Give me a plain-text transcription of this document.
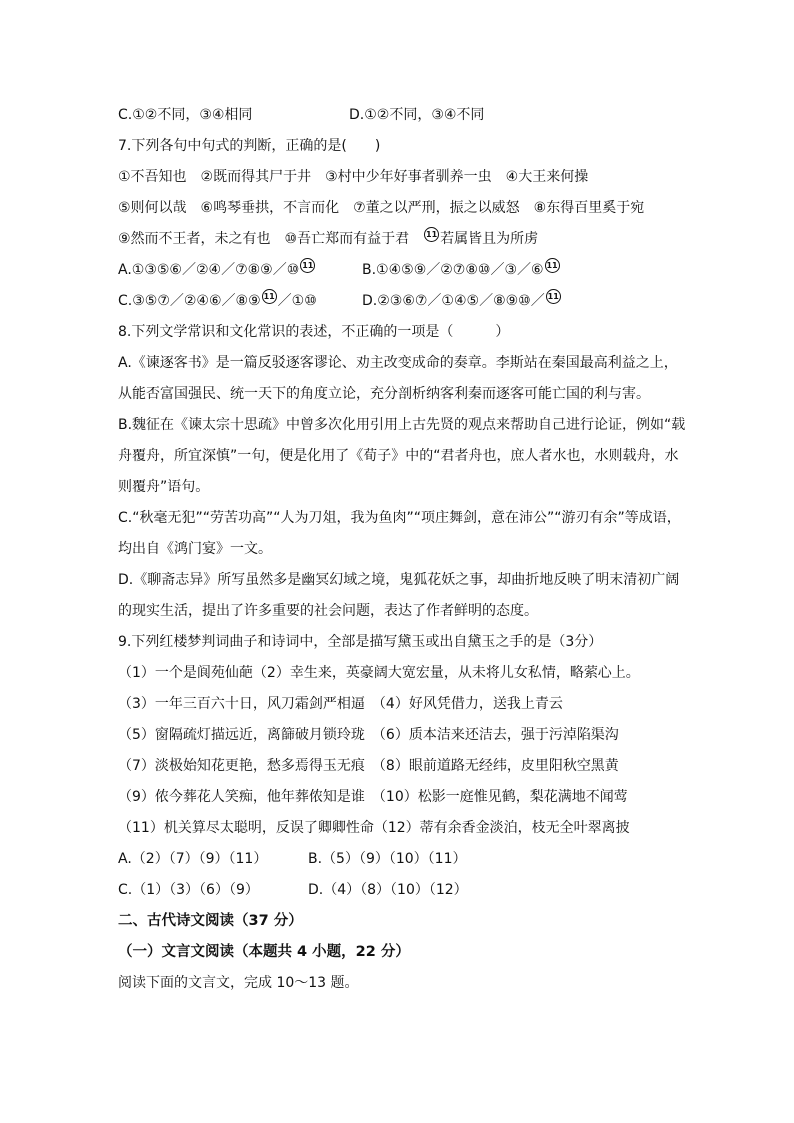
C.①②不同，③④相同	D.①②不同，③④不同
7.下列各句中句式的判断，正确的是(　　)
①不吾知也　②既而得其尸于井　③村中少年好事者驯养一虫　④大王来何操
⑤则何以哉　⑥鸣琴垂拱，不言而化　⑦董之以严刑，振之以威怒　⑧东得百里奚于宛
⑨然而不王者，未之有也　⑩吾亡郑而有益于君　11 若属皆且为所虏
A.①③⑤⑥／②④／⑦⑧⑨／⑩ 11	B.①④⑤⑨／②⑦⑧⑩／③／⑥ 11
C.③⑤⑦／②④⑥／⑧⑨ 11 ／①⑩	D.②③⑥⑦／①④⑤／⑧⑨⑩／ 11
8.下列文学常识和文化常识的表述，不正确的一项是（　　　）
A.《谏逐客书》是一篇反驳逐客谬论、劝主改变成命的奏章。李斯站在秦国最高利益之上，从能否富国强民、统一天下的角度立论，充分剖析纳客利秦而逐客可能亡国的利与害。
B.魏征在《谏太宗十思疏》中曾多次化用引用上古先贤的观点来帮助自己进行论证，例如“载舟覆舟，所宜深慎”一句，便是化用了《荀子》中的“君者舟也，庶人者水也，水则载舟，水则覆舟”语句。
C.“秋毫无犯”“劳苦功高”“人为刀俎，我为鱼肉”“项庄舞剑，意在沛公”“游刃有余”等成语，均出自《鸿门宴》一文。
D.《聊斋志异》所写虽然多是幽冥幻域之境，鬼狐花妖之事，却曲折地反映了明末清初广阔的现实生活，提出了许多重要的社会问题，表达了作者鲜明的态度。
9.下列红楼梦判词曲子和诗词中，全部是描写黛玉或出自黛玉之手的是（3分）
（1）一个是阆苑仙葩（2）幸生来，英豪阔大宽宏量，从未将儿女私情，略萦心上。
（3）一年三百六十日，风刀霜剑严相逼　（4）好风凭借力，送我上青云
（5）窗隔疏灯描远近，离篩破月锁玲珑　（6）质本洁来还洁去，强于污淖陷渠沟
（7）淡极始知花更艳，愁多焉得玉无痕　（8）眼前道路无经纬，皮里阳秋空黑黄
（9）侬今葬花人笑痴，他年葬侬知是谁　（10）松影一庭惟见鹤，梨花满地不闻莺
（11）机关算尽太聪明，反误了卿卿性命（12）蒂有余香金淡泊，枝无全叶翠离披
A.（2）（7）（9）（11）	B.（5）（9）（10）（11）
C.（1）（3）（6）（9）	D.（4）（8）（10）（12）
二、古代诗文阅读（37 分）
（一）文言文阅读（本题共 4 小题，22 分）
阅读下面的文言文，完成 10～13 题。
